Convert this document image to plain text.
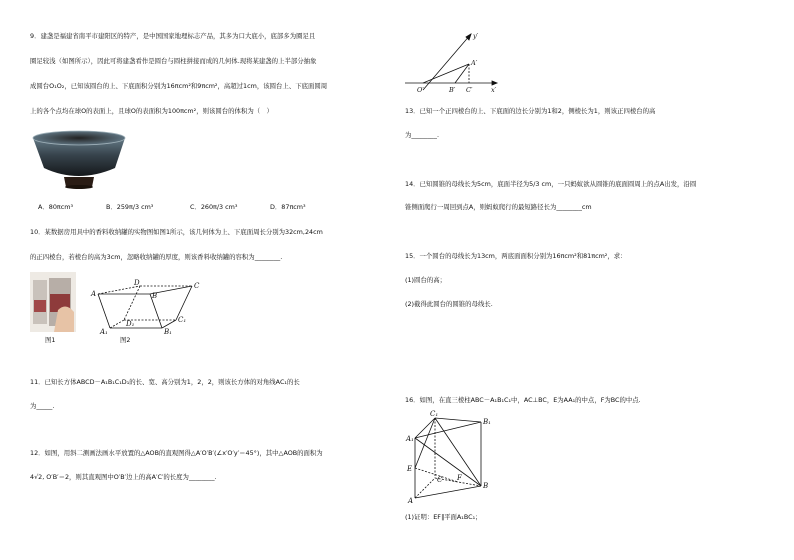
9．建盏是福建省南平市建阳区的特产，是中国国家地理标志产品，其多为口大底小，底部多为圈足且
圈足较浅（如图所示），因此可将建盏看作是圆台与圆柱拼接而成的几何体.现将某建盏的上半部分抽象
成圆台O₁O₂，已知该圆台的上、下底面积分别为16πcm²和9πcm²，高超过1cm，该圆台上、下底面圆周
上的各个点均在球O的表面上，且球O的表面积为100πcm²，则该圆台的体积为（　）
A．80πcm³	B．259π/3 cm³	C．260π/3 cm³	D．87πcm³
10．某数据房用具中的香料收纳罐的实物图如图1所示，该几何体为上、下底面周长分别为32cm,24cm
的正四棱台，若棱台的高为3cm，忽略收纳罐的厚度，则该香料收纳罐的容积为________.
图1
A	B
C
D
A₁	B₁
C₁
D₁
图2
11．已知长方体ABCD－A₁B₁C₁D₁的长、宽、高分别为1，2，2，则该长方体的对角线AC₁的长
为_____.
12．如图，用斜二测画法画水平放置的△AOB的直观图得△A′O′B′(∠x′O′y′＝45°)，其中△AOB的面积为
4√2, O′B′＝2，则其直观图中O′B′边上的高A′C′的长度为________.
y′
A′
O′	B′ C′	x′
13．已知一个正四棱台的上、下底面的边长分别为1和2，侧棱长为1，则该正四棱台的高
为________.
14．已知圆锥的母线长为5cm，底面半径为5/3 cm，一只蚂蚁欲从圆锥的底面圆周上的点A出发，沿圆
锥侧面爬行一周回到点A，则蚂蚁爬行的最短路径长为________cm
15．一个圆台的母线长为13cm，两底面面积分别为16πcm²和81πcm²，求：
(1)圆台的高；
(2)截得此圆台的圆锥的母线长.
16．如图，在直三棱柱ABC－A₁B₁C₁中，AC⊥BC，E为AA₁的中点，F为BC的中点.
C₁
B₁
A₁
E
C F
A
B
(1)证明：EF∥平面A₁BC₁；
